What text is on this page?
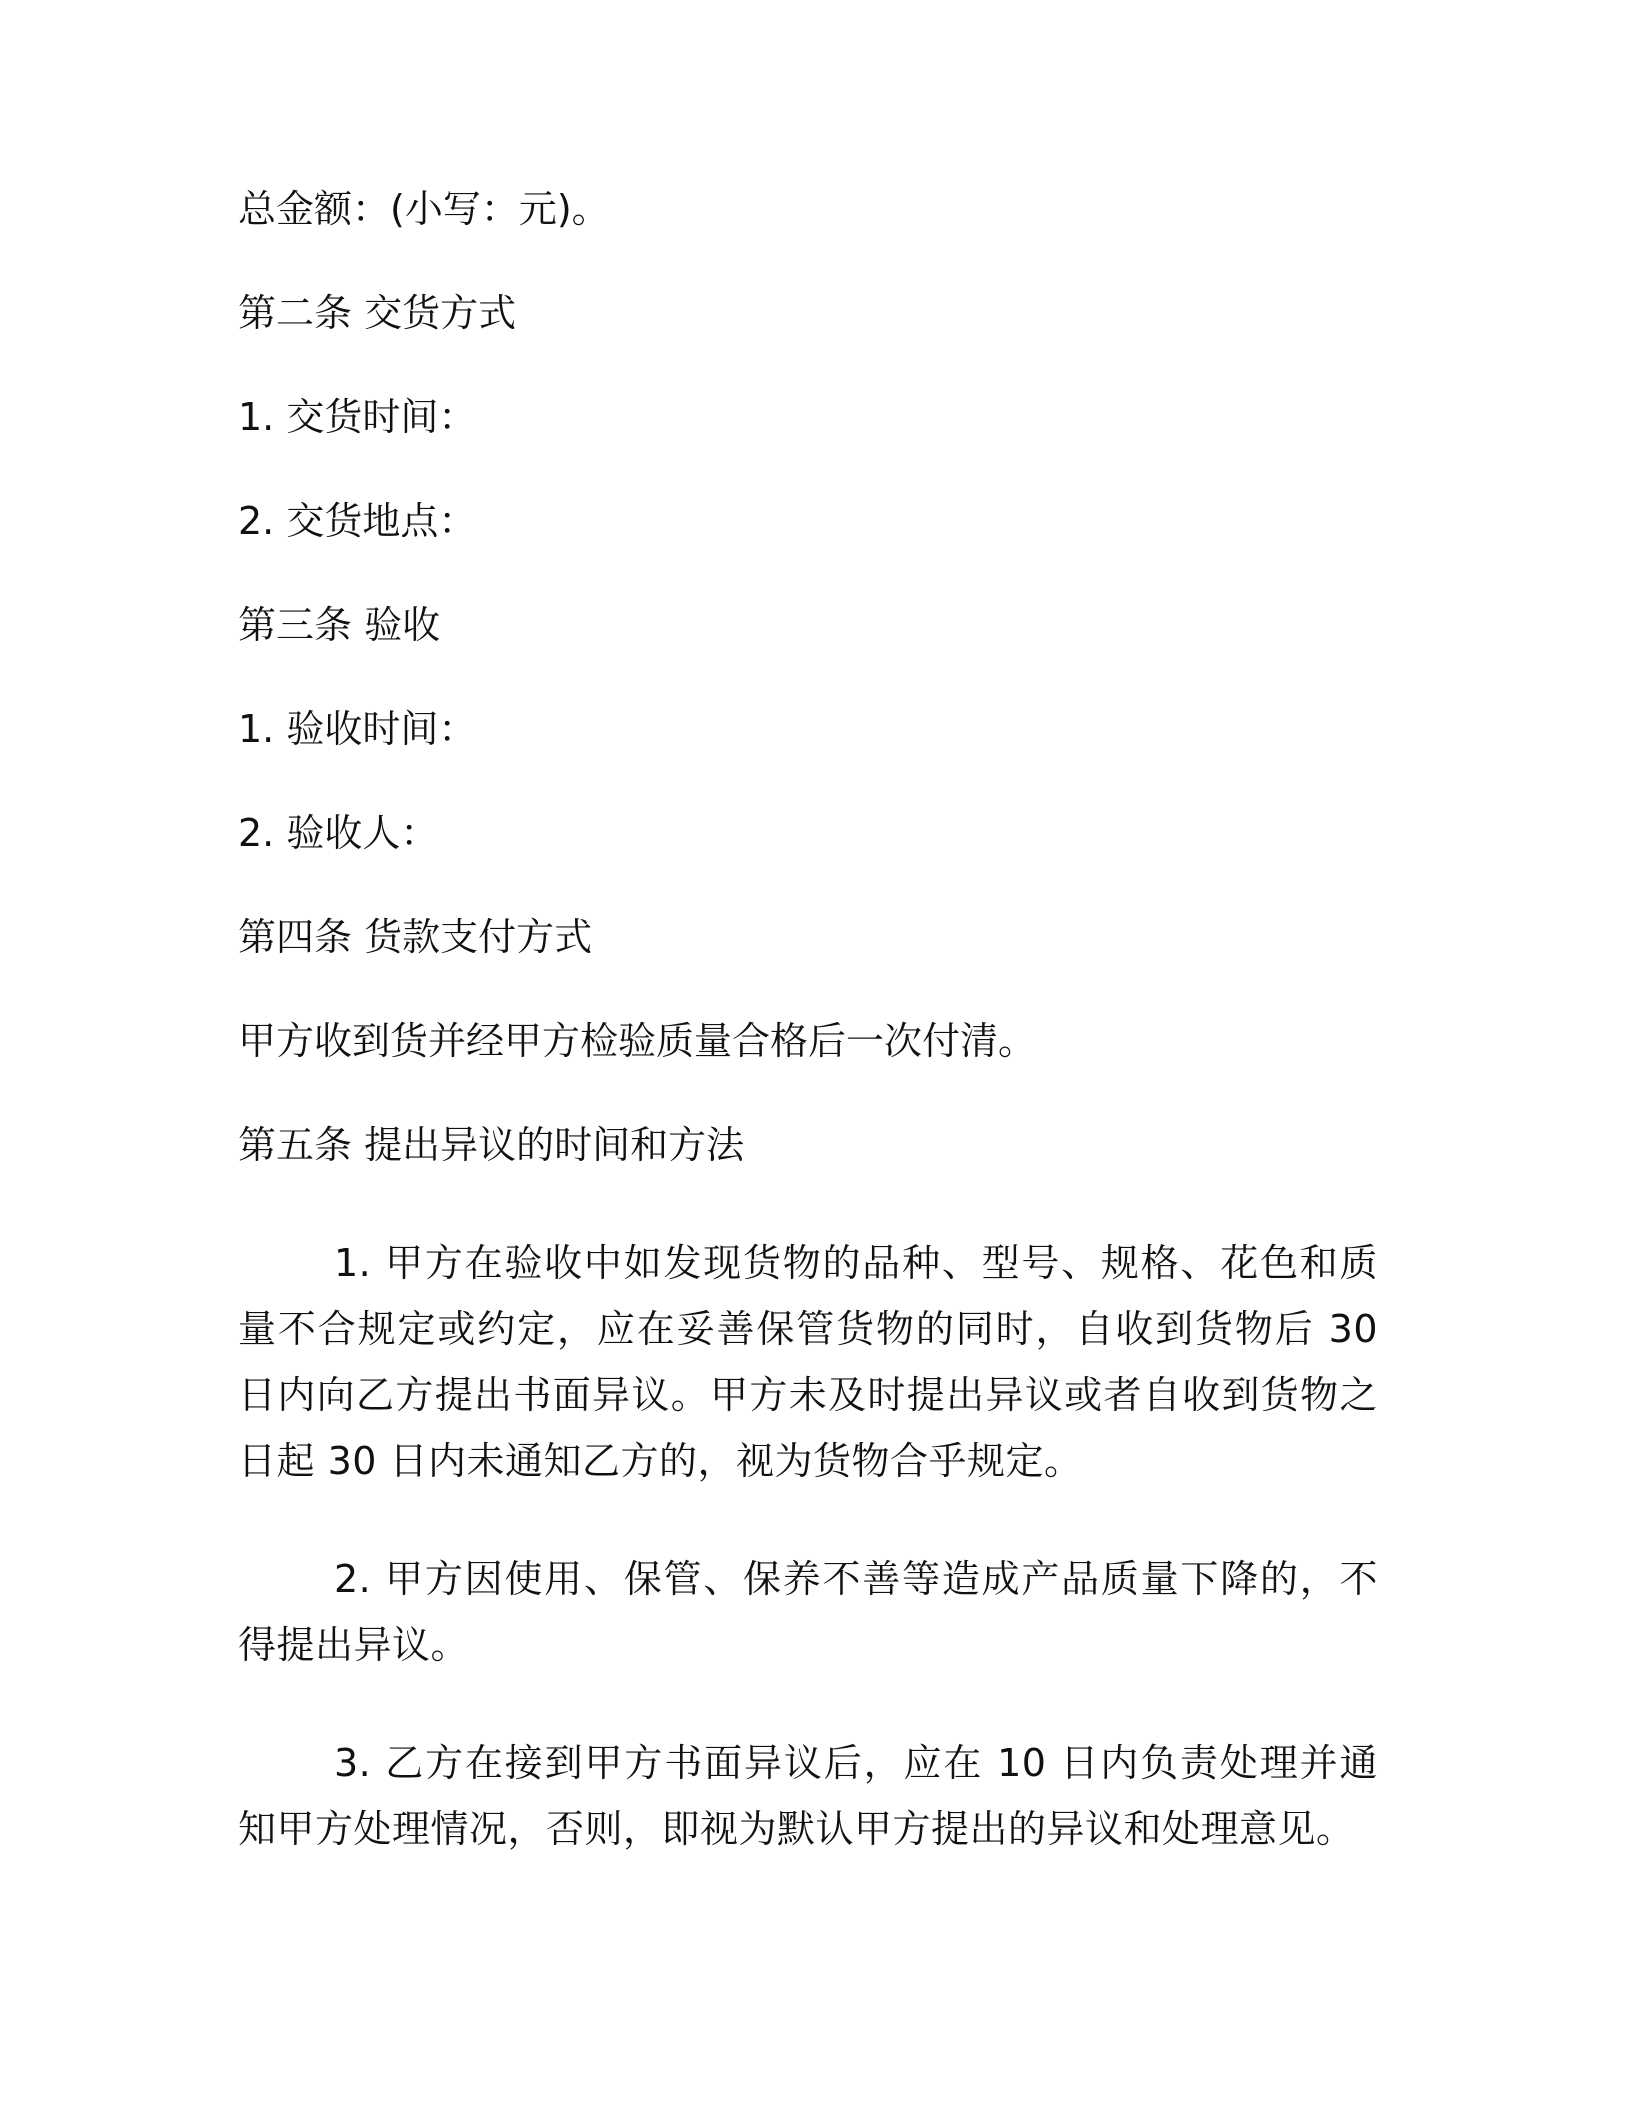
总金额：(小写：元)。

第二条 交货方式

1. 交货时间：

2. 交货地点：

第三条 验收

1. 验收时间：

2. 验收人：

第四条 货款支付方式

甲方收到货并经甲方检验质量合格后一次付清。

第五条 提出异议的时间和方法

1. 甲方在验收中如发现货物的品种、型号、规格、花色和质量不合规定或约定，应在妥善保管货物的同时，自收到货物后 30 日内向乙方提出书面异议。甲方未及时提出异议或者自收到货物之日起 30 日内未通知乙方的，视为货物合乎规定。

2. 甲方因使用、保管、保养不善等造成产品质量下降的，不得提出异议。

3. 乙方在接到甲方书面异议后，应在 10 日内负责处理并通知甲方处理情况，否则，即视为默认甲方提出的异议和处理意见。
